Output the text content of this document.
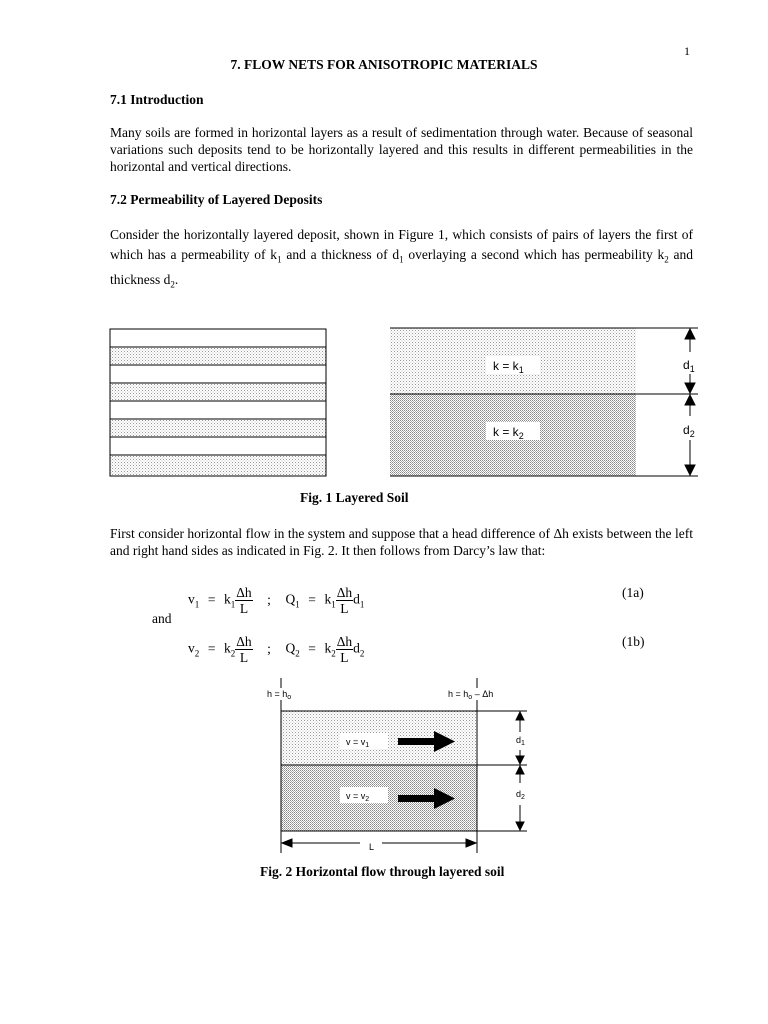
1
7. FLOW NETS FOR ANISOTROPIC MATERIALS
7.1 Introduction
Many soils are formed in horizontal layers as a result of sedimentation through water. Because of seasonal variations such deposits tend to be horizontally layered and this results in different permeabilities in the horizontal and vertical directions.
7.2 Permeability of Layered Deposits
Consider the horizontally layered deposit, shown in Figure 1, which consists of pairs of layers the first of which has a permeability of $k_1$ and a thickness of $d_1$ overlaying a second which has permeability $k_2$ and thickness $d_2$.
$k = k_1$
$k = k_2$
$d_1$
$d_2$
Fig. 1 Layered Soil
First consider horizontal flow in the system and suppose that a head difference of Δh exists between the left and right hand sides as indicated in Fig. 2. It then follows from Darcy’s law that:
$v_1 = k_1 \frac{\Delta h}{L}$ ; $Q_1 = k_1 \frac{\Delta h}{L} d_1$
(1a)
and
$v_2 = k_2 \frac{\Delta h}{L}$ ; $Q_2 = k_2 \frac{\Delta h}{L} d_2$
(1b)
$h = h_o$	$h = h_o - \Delta h$
$v = v_1$
$v = v_2$
$d_1$
$d_2$
L
Fig. 2 Horizontal flow through layered soil
